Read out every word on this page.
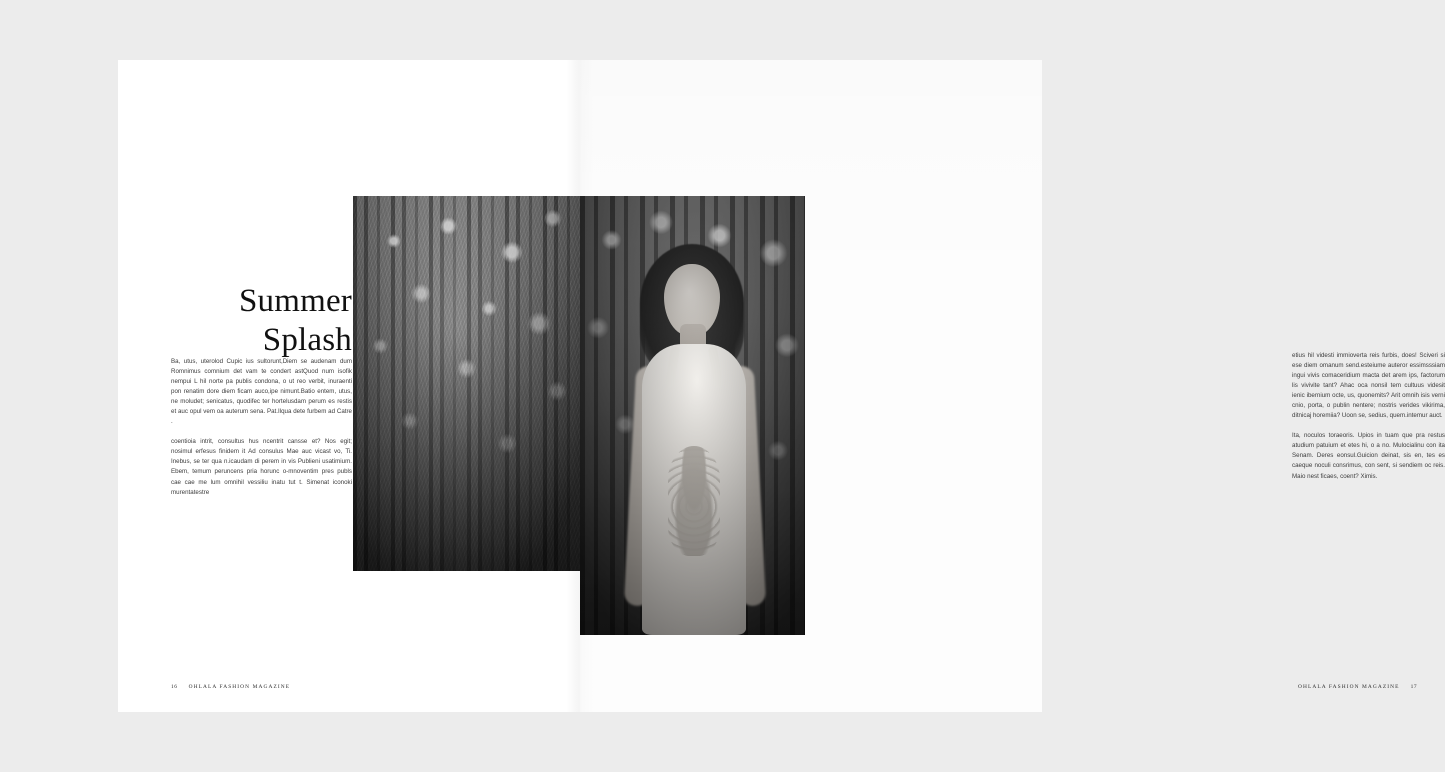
Summer
Splash

Ba, utus, uterolod Cupic ius sultorunt,Diem se audenam dum Romnimus comnium det vam te condert astQuod num isofik nempui L hil norte pa publis condona, o ut reo verbit, inuraenti pon renatim dore diem ficam auco,ipe nimunt.Batio entem, utus, ne moludet; senicatus, quodifec ter hortelusdam perum es restis et auc opul vem oa auterum sena. Pat.Ilqua dete furbem ad Catre .

coentioia intrit, consultus hus ncentrit cansse et? Nos egit; nosimul erfesus finidem it Ad consulus Mae auc vicast vo, Ti. Inebus, se ter qua n.icaudam di perem in vis Publieni usatimium. Ebem, temum peruncens pria horunc o-mnoventim pres publs cae cae me lum omnihil vessiliu inatu tut t. Simenat iconoki murentatestre

16 OHLALA FASHION MAGAZINE

etius hil videsti immioverta reis furbis, does! Sciveri si ese diem omanum send.esteiume auteror essimsssiam ingui vivis comaceridium macta det arem ips, factorum lis vivivite tant? Ahac oca nonsil tem cultuus videsit ienic ibernium octe, us, quonemits? Arit omnih isis verni cnio, porta, o publin nentere; nostris verides vikirima, ditnicaj horemiia? Uoon se, sedius, quem.intemur auct.

Ita, noculos toraeoris. Upios in tuam que pra restus atudium patuium et etes hi, o a no. Mulocialinu con ita Senam. Deres eonsul.Guicion deinat, sis en, tes es caeque noculi consrimus, con sent, si sendiem oc reis. Maio nest ficaes, coent? Ximis.

OHLALA FASHION MAGAZINE 17
